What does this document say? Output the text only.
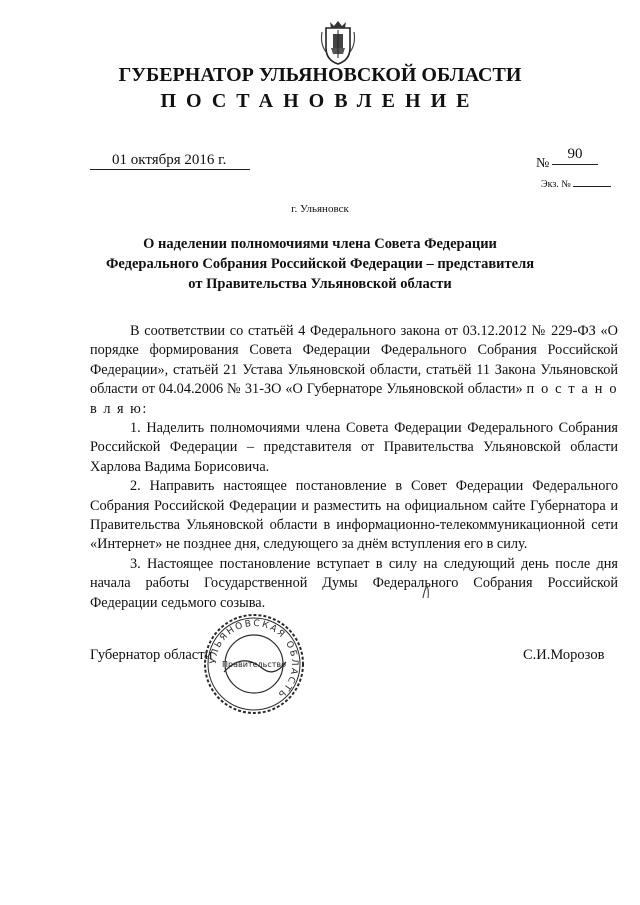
ГУБЕРНАТОР УЛЬЯНОВСКОЙ ОБЛАСТИ
ПОСТАНОВЛЕНИЕ
01 октября 2016 г.	№
90
Экз. №
г. Ульяновск
О наделении полномочиями члена Совета Федерации
Федерального Собрания Российской Федерации – представителя
от Правительства Ульяновской области

В соответствии со статьёй 4 Федерального закона от 03.12.2012 № 229-ФЗ «О порядке формирования Совета Федерации Федерального Собрания Российской Федерации», статьёй 21 Устава Ульяновской области, статьёй 11 Закона Ульяновской области от 04.04.2006 № 31-ЗО «О Губернаторе Ульяновской области» п о с т а н о в л я ю:

1. Наделить полномочиями члена Совета Федерации Федерального Собрания Российской Федерации – представителя от Правительства Ульяновской области Харлова Вадима Борисовича.

2. Направить настоящее постановление в Совет Федерации Федерального Собрания Российской Федерации и разместить на официальном сайте Губернатора и Правительства Ульяновской области в информационно-телекоммуникационной сети «Интернет» не позднее дня, следующего за днём вступления его в силу.

3. Настоящее постановление вступает в силу на следующий день после дня начала работы Государственной Думы Федерального Собрания Российской Федерации седьмого созыва.

Губернатор области	С.И.Морозов
УЛЬЯНОВСКАЯ ОБЛАСТЬ
Правительство
